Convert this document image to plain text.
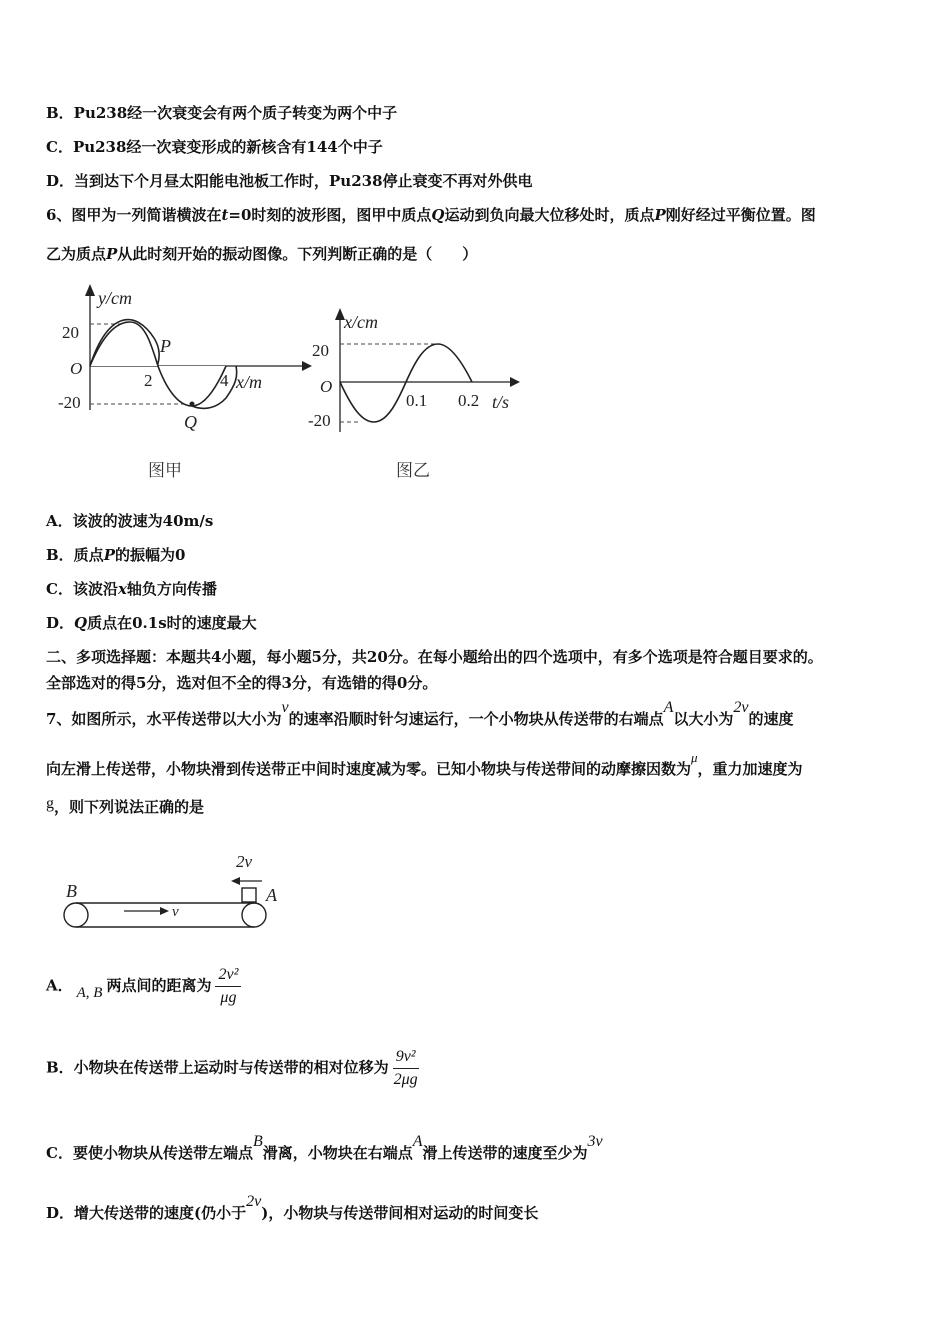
B．Pu238经一次衰变会有两个质子转变为两个中子
C．Pu238经一次衰变形成的新核含有144个中子
D．当到达下个月昼太阳能电池板工作时，Pu238停止衰变不再对外供电
6、图甲为一列简谐横波在t=0时刻的波形图，图甲中质点Q运动到负向最大位移处时，质点P刚好经过平衡位置。图
乙为质点P从此时刻开始的振动图像。下列判断正确的是（　　）
y/cm
20
O
-20
2	4 x/m
P
Q
图甲
x/cm
20
O
-20
0.1 0.2 t/s
图乙
A．该波的波速为40m/s
B．质点P的振幅为0
C．该波沿x轴负方向传播
D．Q质点在0.1s时的速度最大
二、多项选择题：本题共4小题，每小题5分，共20分。在每小题给出的四个选项中，有多个选项是符合题目要求的。
全部选对的得5分，选对但不全的得3分，有选错的得0分。
7、如图所示，水平传送带以大小为v的速率沿顺时针匀速运行，一个小物块从传送带的右端点A以大小为2v的速度
向左滑上传送带，小物块滑到传送带正中间时速度减为零。已知小物块与传送带间的动摩擦因数为μ，重力加速度为
g，则下列说法正确的是
B	A
v
2v
A． A, B 两点间的距离为 $\frac{\text{2v²}}{\mu g}$
B．小物块在传送带上运动时与传送带的相对位移为 $\frac{\text{9v²}}{2\mu g}$
C．要使小物块从传送带左端点B滑离，小物块在右端点A滑上传送带的速度至少为3v
D．增大传送带的速度(仍小于2v)，小物块与传送带间相对运动的时间变长
